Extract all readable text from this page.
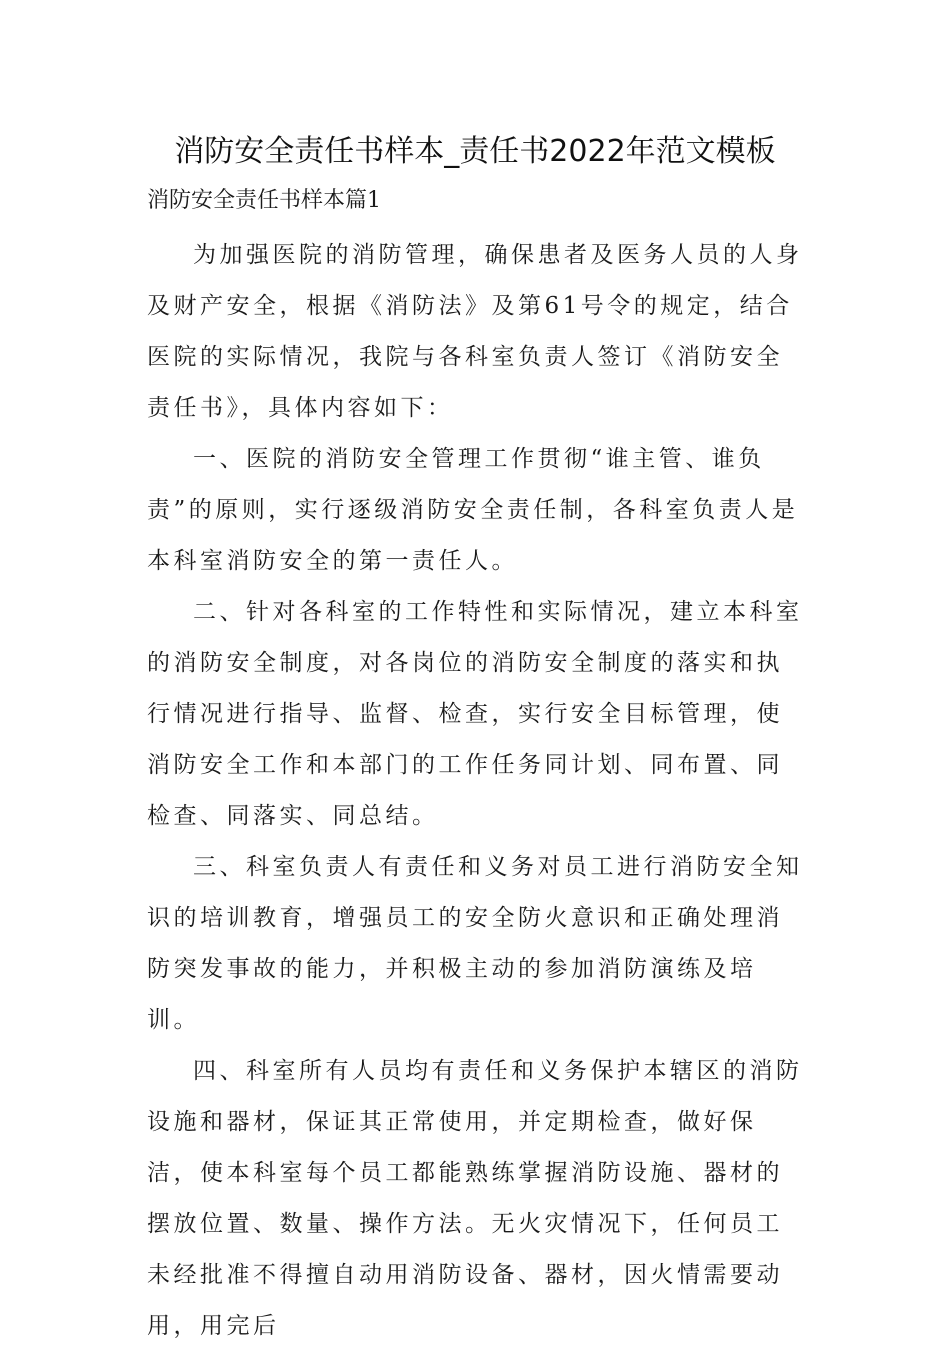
消防安全责任书样本_责任书2022年范文模板

消防安全责任书样本篇1

为加强医院的消防管理，确保患者及医务人员的人身及财产安全，根据《消防法》及第61号令的规定，结合医院的实际情况，我院与各科室负责人签订《消防安全责任书》，具体内容如下：

一、医院的消防安全管理工作贯彻“谁主管、谁负责”的原则，实行逐级消防安全责任制，各科室负责人是本科室消防安全的第一责任人。

二、针对各科室的工作特性和实际情况，建立本科室的消防安全制度，对各岗位的消防安全制度的落实和执行情况进行指导、监督、检查，实行安全目标管理，使消防安全工作和本部门的工作任务同计划、同布置、同检查、同落实、同总结。

三、科室负责人有责任和义务对员工进行消防安全知识的培训教育，增强员工的安全防火意识和正确处理消防突发事故的能力，并积极主动的参加消防演练及培训。

四、科室所有人员均有责任和义务保护本辖区的消防设施和器材，保证其正常使用，并定期检查，做好保洁，使本科室每个员工都能熟练掌握消防设施、器材的摆放位置、数量、操作方法。无火灾情况下，任何员工未经批准不得擅自动用消防设备、器材，因火情需要动用，用完后
